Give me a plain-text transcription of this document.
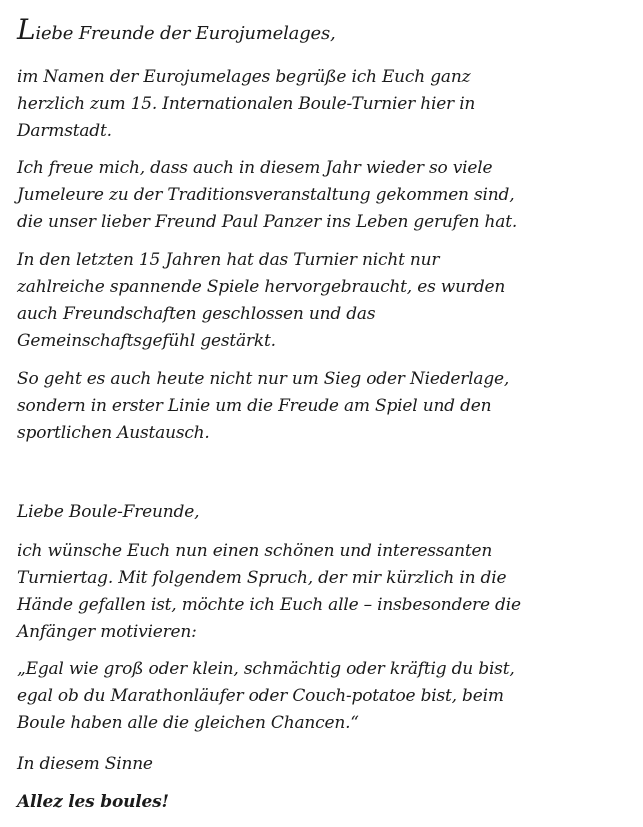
Liebe Freunde der Eurojumelages,

im Namen der Eurojumelages begrüße ich Euch ganz
herzlich zum 15. Internationalen Boule-Turnier hier in
Darmstadt.

Ich freue mich, dass auch in diesem Jahr wieder so viele
Jumeleure zu der Traditionsveranstaltung gekommen sind,
die unser lieber Freund Paul Panzer ins Leben gerufen hat.

In den letzten 15 Jahren hat das Turnier nicht nur
zahlreiche spannende Spiele hervorgebraucht, es wurden
auch Freundschaften geschlossen und das
Gemeinschaftsgefühl gestärkt.

So geht es auch heute nicht nur um Sieg oder Niederlage,
sondern in erster Linie um die Freude am Spiel und den
sportlichen Austausch.

Liebe Boule-Freunde,

ich wünsche Euch nun einen schönen und interessanten
Turniertag. Mit folgendem Spruch, der mir kürzlich in die
Hände gefallen ist, möchte ich Euch alle – insbesondere die
Anfänger motivieren:

„Egal wie groß oder klein, schmächtig oder kräftig du bist,
egal ob du Marathonläufer oder Couch-potatoe bist, beim
Boule haben alle die gleichen Chancen.“

In diesem Sinne

Allez les boules!
